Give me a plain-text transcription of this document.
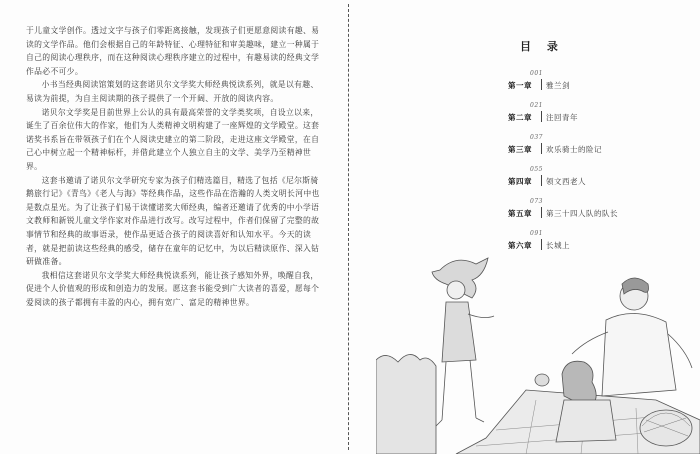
于儿童文学创作。透过文字与孩子们零距离接触，发现孩子们更愿意阅读有趣、易读的文学作品。他们会根据自己的年龄特征、心理特征和审美趣味，建立一种属于自己的阅读心理秩序，而在这种阅读心理秩序建立的过程中，有趣易读的经典文学作品必不可少。

小书当经典阅读馆策划的这套诺贝尔文学奖大师经典悦读系列，就是以有趣、易读为前提，为自主阅读期的孩子提供了一个开阔、开放的阅读内容。

诺贝尔文学奖是目前世界上公认的具有最高荣誉的文学类奖项，自设立以来，诞生了百余位伟大的作家，他们为人类精神文明构建了一座辉煌的文学殿堂。这套诺奖书系旨在带领孩子们在个人阅读史建立的第二阶段，走进这座文学殿堂，在自己心中树立起一个精神标杆，并借此建立个人独立自主的文学、美学乃至精神世界。

这套书邀请了诺贝尔文学研究专家为孩子们精选篇目，精选了包括《尼尔斯骑鹅旅行记》《青鸟》《老人与海》等经典作品，这些作品在浩瀚的人类文明长河中也是数点星光。为了让孩子们易于读懂诺奖大师经典，编者还邀请了优秀的中小学语文教师和新锐儿童文学作家对作品进行改写。改写过程中，作者们保留了完整的故事情节和经典的故事语录，使作品更适合孩子的阅读喜好和认知水平。今天的读者，就是把前读这些经典的感受，储存在童年的记忆中，为以后精读原作、深入钻研做准备。

我相信这套诺贝尔文学奖大师经典悦读系列，能让孩子感知外界，唤醒自我，促进个人价值观的形成和创造力的发展。愿这套书能受到广大读者的喜爱，愿每个爱阅读的孩子都拥有丰盈的内心，拥有宽广、富足的精神世界。

目 录
001
第一章 雅兰剑
021
第二章 注回青年
037
第三章 欢乐骑士的险记
055
第四章 领文西老人
073
第五章 第三十四人队的队长
091
第六章 长城上
